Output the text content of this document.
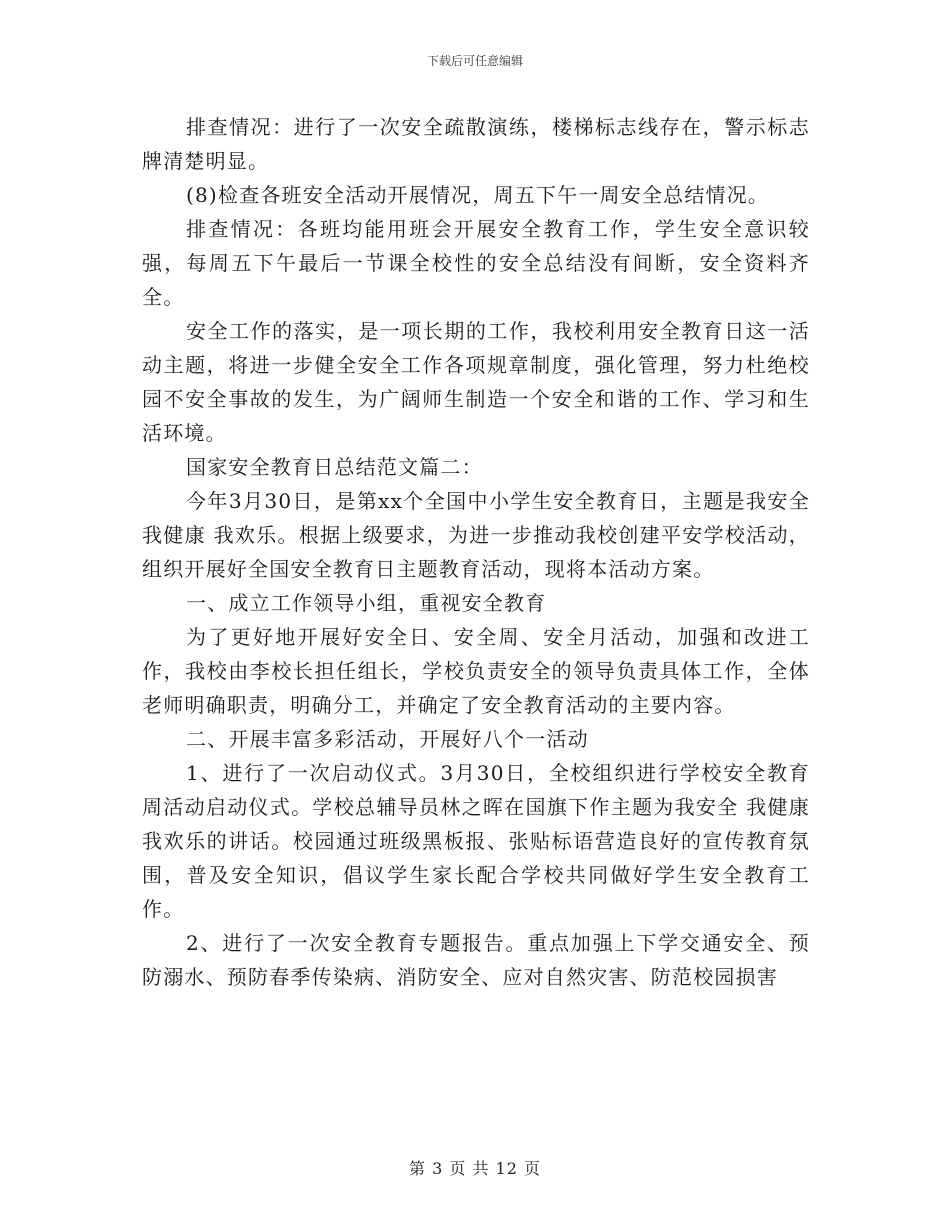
下载后可任意编辑

排查情况：进行了一次安全疏散演练，楼梯标志线存在，警示标志牌清楚明显。

(8)检查各班安全活动开展情况，周五下午一周安全总结情况。

排查情况：各班均能用班会开展安全教育工作，学生安全意识较强，每周五下午最后一节课全校性的安全总结没有间断，安全资料齐全。

安全工作的落实，是一项长期的工作，我校利用安全教育日这一活动主题，将进一步健全安全工作各项规章制度，强化管理，努力杜绝校园不安全事故的发生，为广阔师生制造一个安全和谐的工作、学习和生活环境。

国家安全教育日总结范文篇二：

今年3月30日，是第xx个全国中小学生安全教育日，主题是我安全 我健康 我欢乐。根据上级要求，为进一步推动我校创建平安学校活动，组织开展好全国安全教育日主题教育活动，现将本活动方案。

一、成立工作领导小组，重视安全教育

为了更好地开展好安全日、安全周、安全月活动，加强和改进工作，我校由李校长担任组长，学校负责安全的领导负责具体工作，全体老师明确职责，明确分工，并确定了安全教育活动的主要内容。

二、开展丰富多彩活动，开展好八个一活动

1、进行了一次启动仪式。3月30日，全校组织进行学校安全教育周活动启动仪式。学校总辅导员林之晖在国旗下作主题为我安全 我健康 我欢乐的讲话。校园通过班级黑板报、张贴标语营造良好的宣传教育氛围，普及安全知识，倡议学生家长配合学校共同做好学生安全教育工作。

2、进行了一次安全教育专题报告。重点加强上下学交通安全、预防溺水、预防春季传染病、消防安全、应对自然灾害、防范校园损害

第 3 页 共 12 页
